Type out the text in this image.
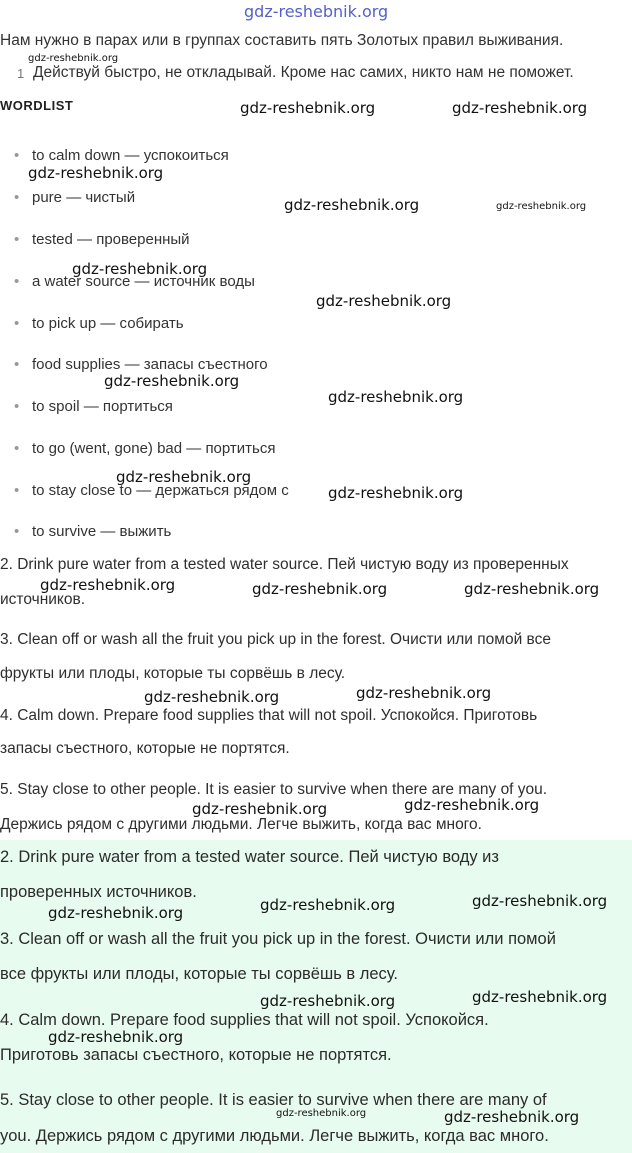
gdz-reshebnik.org
Нам нужно в парах или в группах составить пять Золотых правил выживания.
gdz-reshebnik.org
1 Действуй быстро, не откладывай. Кроме нас самих, никто нам не поможет.
WORDLIST	gdz-reshebnik.org	gdz-reshebnik.org
• to calm down — успокоиться
• pure — чистый
• tested — проверенный
• a water source — источник воды
• to pick up — собирать
• food supplies — запасы съестного
• to spoil — портиться
• to go (went, gone) bad — портиться
• to stay close to — держаться рядом с
• to survive — выжить
gdz-reshebnik.org
gdz-reshebnik.org	gdz-reshebnik.org
gdz-reshebnik.org
gdz-reshebnik.org
gdz-reshebnik.org
gdz-reshebnik.org
gdz-reshebnik.org
gdz-reshebnik.org
2. Drink pure water from a tested water source. Пей чистую воду из проверенных
источников.
gdz-reshebnik.org	gdz-reshebnik.org	gdz-reshebnik.org
3. Clean off or wash all the fruit you pick up in the forest. Очисти или помой все
фрукты или плоды, которые ты сорвёшь в лесу.
gdz-reshebnik.org	gdz-reshebnik.org
4. Calm down. Prepare food supplies that will not spoil. Успокойся. Приготовь
запасы съестного, которые не портятся.
5. Stay close to other people. It is easier to survive when there are many of you.
Держись рядом с другими людьми. Легче выжить, когда вас много.
gdz-reshebnik.org	gdz-reshebnik.org
2. Drink pure water from a tested water source. Пей чистую воду из
проверенных источников.
gdz-reshebnik.org	gdz-reshebnik.org	gdz-reshebnik.org
3. Clean off or wash all the fruit you pick up in the forest. Очисти или помой
все фрукты или плоды, которые ты сорвёшь в лесу.
gdz-reshebnik.org	gdz-reshebnik.org
4. Calm down. Prepare food supplies that will not spoil. Успокойся.
Приготовь запасы съестного, которые не портятся.
gdz-reshebnik.org
5. Stay close to other people. It is easier to survive when there are many of
you. Держись рядом с другими людьми. Легче выжить, когда вас много.
gdz-reshebnik.org	gdz-reshebnik.org
